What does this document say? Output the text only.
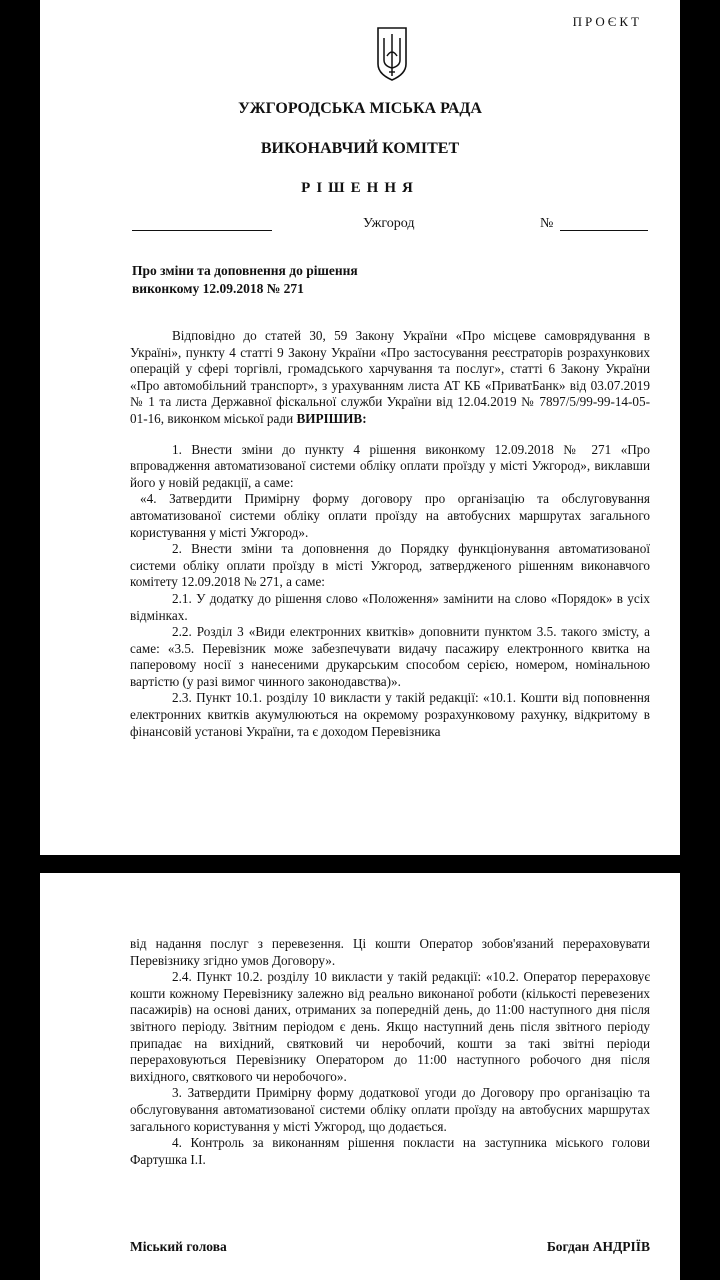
ПРОЄКТ
УЖГОРОДСЬКА МІСЬКА РАДА
ВИКОНАВЧИЙ КОМІТЕТ
РІШЕННЯ
Ужгород	№
Про зміни та доповнення до рішення
виконкому 12.09.2018 № 271

Відповідно до статей 30, 59 Закону України «Про місцеве самоврядування в Україні», пункту 4 статті 9 Закону України «Про застосування реєстраторів розрахункових операцій у сфері торгівлі, громадського харчування та послуг», статті 6 Закону України «Про автомобільний транспорт», з урахуванням листа АТ КБ «ПриватБанк» від 03.07.2019 № 1 та листа Державної фіскальної служби України від 12.04.2019 № 7897/5/99-99-14-05-01-16, виконком міської ради ВИРІШИВ:

1. Внести зміни до пункту 4 рішення виконкому 12.09.2018 № 271 «Про впровадження автоматизованої системи обліку оплати проїзду у місті Ужгород», виклавши його у новій редакції, а саме:

«4. Затвердити Примірну форму договору про організацію та обслуговування автоматизованої системи обліку оплати проїзду на автобусних маршрутах загального користування у місті Ужгород».

2. Внести зміни та доповнення до Порядку функціонування автоматизованої системи обліку оплати проїзду в місті Ужгород, затвердженого рішенням виконавчого комітету 12.09.2018 № 271, а саме:

2.1. У додатку до рішення слово «Положення» замінити на слово «Порядок» в усіх відмінках.

2.2. Розділ 3 «Види електронних квитків» доповнити пунктом 3.5. такого змісту, а саме: «3.5. Перевізник може забезпечувати видачу пасажиру електронного квитка на паперовому носії з нанесеними друкарським способом серією, номером, номінальною вартістю (у разі вимог чинного законодавства)».

2.3. Пункт 10.1. розділу 10 викласти у такій редакції: «10.1. Кошти від поповнення електронних квитків акумулюються на окремому розрахунковому рахунку, відкритому в фінансовій установі України, та є доходом Перевізника

від надання послуг з перевезення. Ці кошти Оператор зобов'язаний перераховувати Перевізнику згідно умов Договору».

2.4. Пункт 10.2. розділу 10 викласти у такій редакції: «10.2. Оператор перераховує кошти кожному Перевізнику залежно від реально виконаної роботи (кількості перевезених пасажирів) на основі даних, отриманих за попередній день, до 11:00 наступного дня після звітного періоду. Звітним періодом є день. Якщо наступний день після звітного періоду припадає на вихідний, святковий чи неробочий, кошти за такі звітні періоди перераховуються Перевізнику Оператором до 11:00 наступного робочого дня після вихідного, святкового чи неробочого».

3. Затвердити Примірну форму додаткової угоди до Договору про організацію та обслуговування автоматизованої системи обліку оплати проїзду на автобусних маршрутах загального користування у місті Ужгород, що додається.

4. Контроль за виконанням рішення покласти на заступника міського голови Фартушка І.І.

Міський голова	Богдан АНДРІЇВ
